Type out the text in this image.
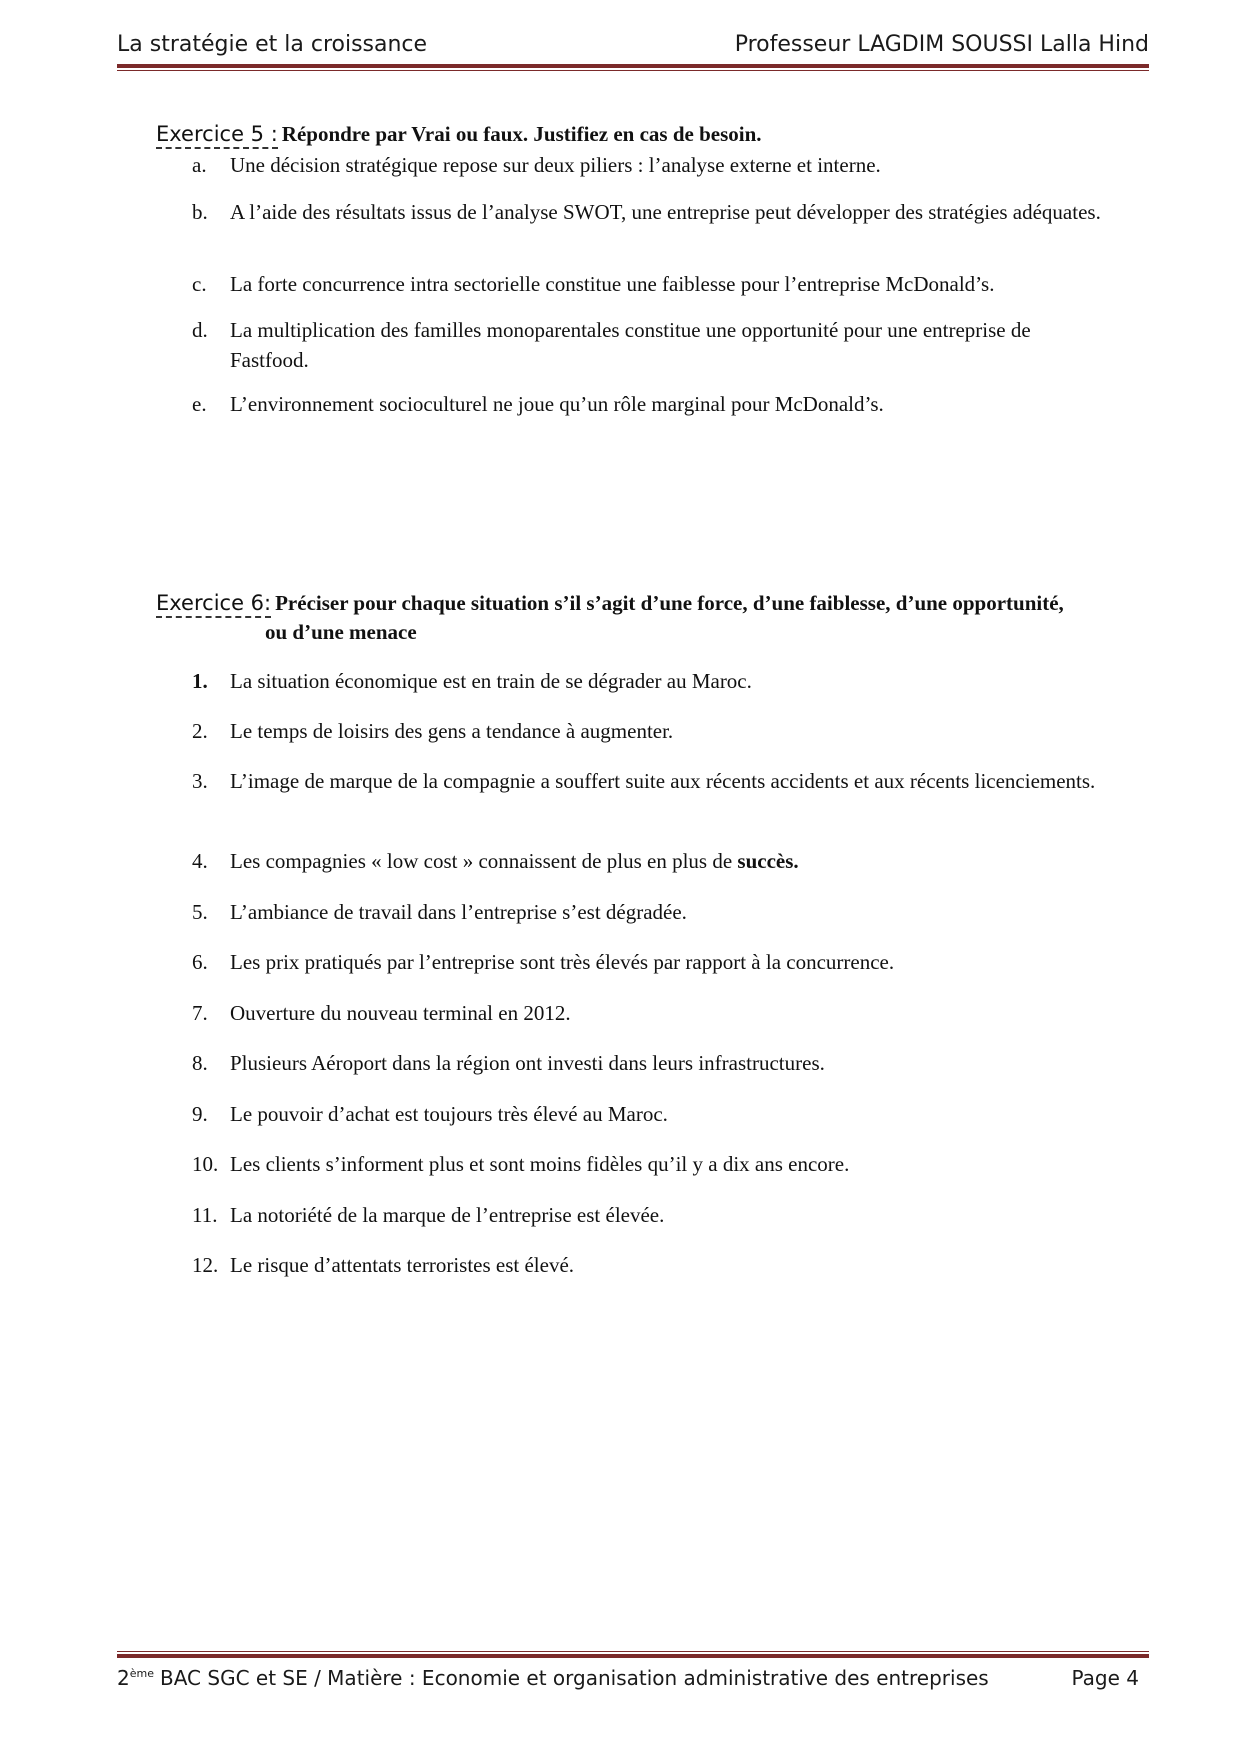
La stratégie et la croissance	Professeur LAGDIM SOUSSI Lalla Hind
Exercice 5 : Répondre par Vrai ou faux. Justifiez en cas de besoin.
a.	Une décision stratégique repose sur deux piliers : l’analyse externe et interne.
b.	A l’aide des résultats issus de l’analyse SWOT, une entreprise peut développer des stratégies adéquates.
c.	La forte concurrence intra sectorielle constitue une faiblesse pour l’entreprise McDonald’s.
d.	La multiplication des familles monoparentales constitue une opportunité pour une entreprise de Fastfood.
e.	L’environnement socioculturel ne joue qu’un rôle marginal pour McDonald’s.
Exercice 6: Préciser pour chaque situation s’il s’agit d’une force, d’une faiblesse, d’une opportunité,
ou d’une menace
1.	La situation économique est en train de se dégrader au Maroc.
2.	Le temps de loisirs des gens a tendance à augmenter.
3.	L’image de marque de la compagnie a souffert suite aux récents accidents et aux récents licenciements.
4.	Les compagnies « low cost » connaissent de plus en plus de succès.
5.	L’ambiance de travail dans l’entreprise s’est dégradée.
6.	Les prix pratiqués par l’entreprise sont très élevés par rapport à la concurrence.
7.	Ouverture du nouveau terminal en 2012.
8.	Plusieurs Aéroport dans la région ont investi dans leurs infrastructures.
9.	Le pouvoir d’achat est toujours très élevé au Maroc.
10. Les clients s’informent plus et sont moins fidèles qu’il y a dix ans encore.
11. La notoriété de la marque de l’entreprise est élevée.
12. Le risque d’attentats terroristes est élevé.
2ème BAC SGC et SE / Matière : Economie et organisation administrative des entreprises	Page 4
